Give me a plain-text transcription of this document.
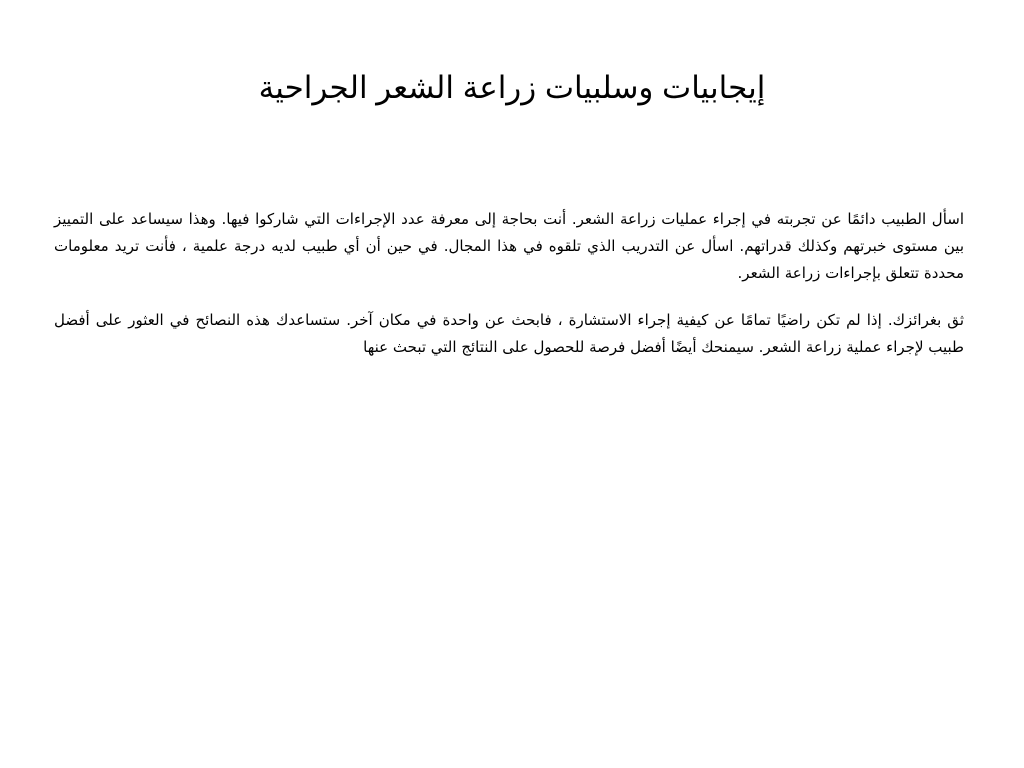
إيجابيات وسلبيات زراعة الشعر الجراحية

اسأل الطبيب دائمًا عن تجربته في إجراء عمليات زراعة الشعر. أنت بحاجة إلى معرفة عدد الإجراءات التي شاركوا فيها. وهذا سيساعد على التمييز بين مستوى خبرتهم وكذلك قدراتهم. اسأل عن التدريب الذي تلقوه في هذا المجال. في حين أن أي طبيب لديه درجة علمية ، فأنت تريد معلومات محددة تتعلق بإجراءات زراعة الشعر.

ثق بغرائزك. إذا لم تكن راضيًا تمامًا عن كيفية إجراء الاستشارة ، فابحث عن واحدة في مكان آخر. ستساعدك هذه النصائح في العثور على أفضل طبيب لإجراء عملية زراعة الشعر. سيمنحك أيضًا أفضل فرصة للحصول على النتائج التي تبحث عنها
